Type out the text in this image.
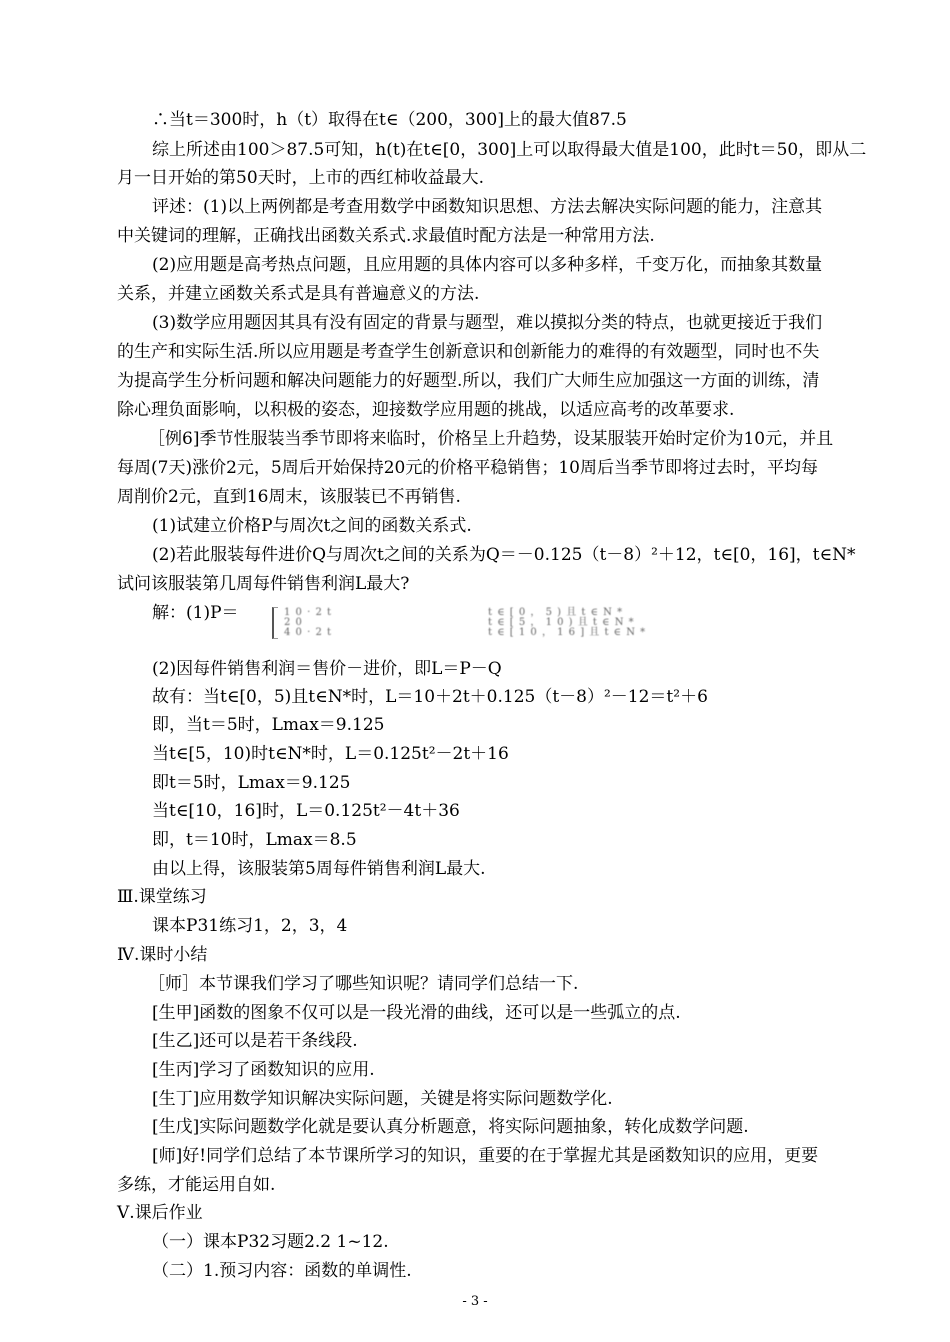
∴当t＝300时，h（t）取得在t∈（200，300]上的最大值87.5
综上所述由100＞87.5可知，h(t)在t∈[0，300]上可以取得最大值是100，此时t＝50，即从二
月一日开始的第50天时，上市的西红柿收益最大.
评述：(1)以上两例都是考查用数学中函数知识思想、方法去解决实际问题的能力，注意其
中关键词的理解，正确找出函数关系式.求最值时配方法是一种常用方法.
(2)应用题是高考热点问题，且应用题的具体内容可以多种多样，千变万化，而抽象其数量
关系，并建立函数关系式是具有普遍意义的方法.
(3)数学应用题因其具有没有固定的背景与题型，难以摸拟分类的特点，也就更接近于我们
的生产和实际生活.所以应用题是考查学生创新意识和创新能力的难得的有效题型，同时也不失
为提高学生分析问题和解决问题能力的好题型.所以，我们广大师生应加强这一方面的训练，清
除心理负面影响，以积极的姿态，迎接数学应用题的挑战，以适应高考的改革要求.
［例6]季节性服装当季节即将来临时，价格呈上升趋势，设某服装开始时定价为10元，并且
每周(7天)涨价2元，5周后开始保持20元的价格平稳销售；10周后当季节即将过去时，平均每
周削价2元，直到16周末，该服装已不再销售.
(1)试建立价格P与周次t之间的函数关系式.
(2)若此服装每件进价Q与周次t之间的关系为Q＝－0.125（t－8）²＋12，t∈[0，16]，t∈N*
试问该服装第几周每件销售利润L最大?
解：(1)P＝	1 0 · 2 t
2 0
4 0 · 2 t
t ∈ [ 0 ， 5 ) 且 t ∈ N *
t ∈ [ 5 ， 1 0 ) 且 t ∈ N *
t ∈ [ 1 0 ， 1 6 ] 且 t ∈ N *
(2)因每件销售利润＝售价－进价，即L＝P－Q
故有：当t∈[0，5)且t∈N*时，L＝10＋2t＋0.125（t－8）²－12＝t²＋6
即，当t＝5时，Lmax＝9.125
当t∈[5，10)时t∈N*时，L＝0.125t²－2t＋16
即t＝5时，Lmax＝9.125
当t∈[10，16]时，L＝0.125t²－4t＋36
即，t＝10时，Lmax＝8.5
由以上得，该服装第5周每件销售利润L最大.
Ⅲ.课堂练习
课本P31练习1，2，3，4
Ⅳ.课时小结
［师］本节课我们学习了哪些知识呢？请同学们总结一下.
[生甲]函数的图象不仅可以是一段光滑的曲线，还可以是一些弧立的点.
[生乙]还可以是若干条线段.
[生丙]学习了函数知识的应用.
[生丁]应用数学知识解决实际问题，关键是将实际问题数学化.
[生戊]实际问题数学化就是要认真分析题意，将实际问题抽象，转化成数学问题.
[师]好!同学们总结了本节课所学习的知识，重要的在于掌握尤其是函数知识的应用，更要
多练，才能运用自如.
Ⅴ.课后作业
（一）课本P32习题2.2 1~12.
（二）1.预习内容：函数的单调性.
- 3 -
